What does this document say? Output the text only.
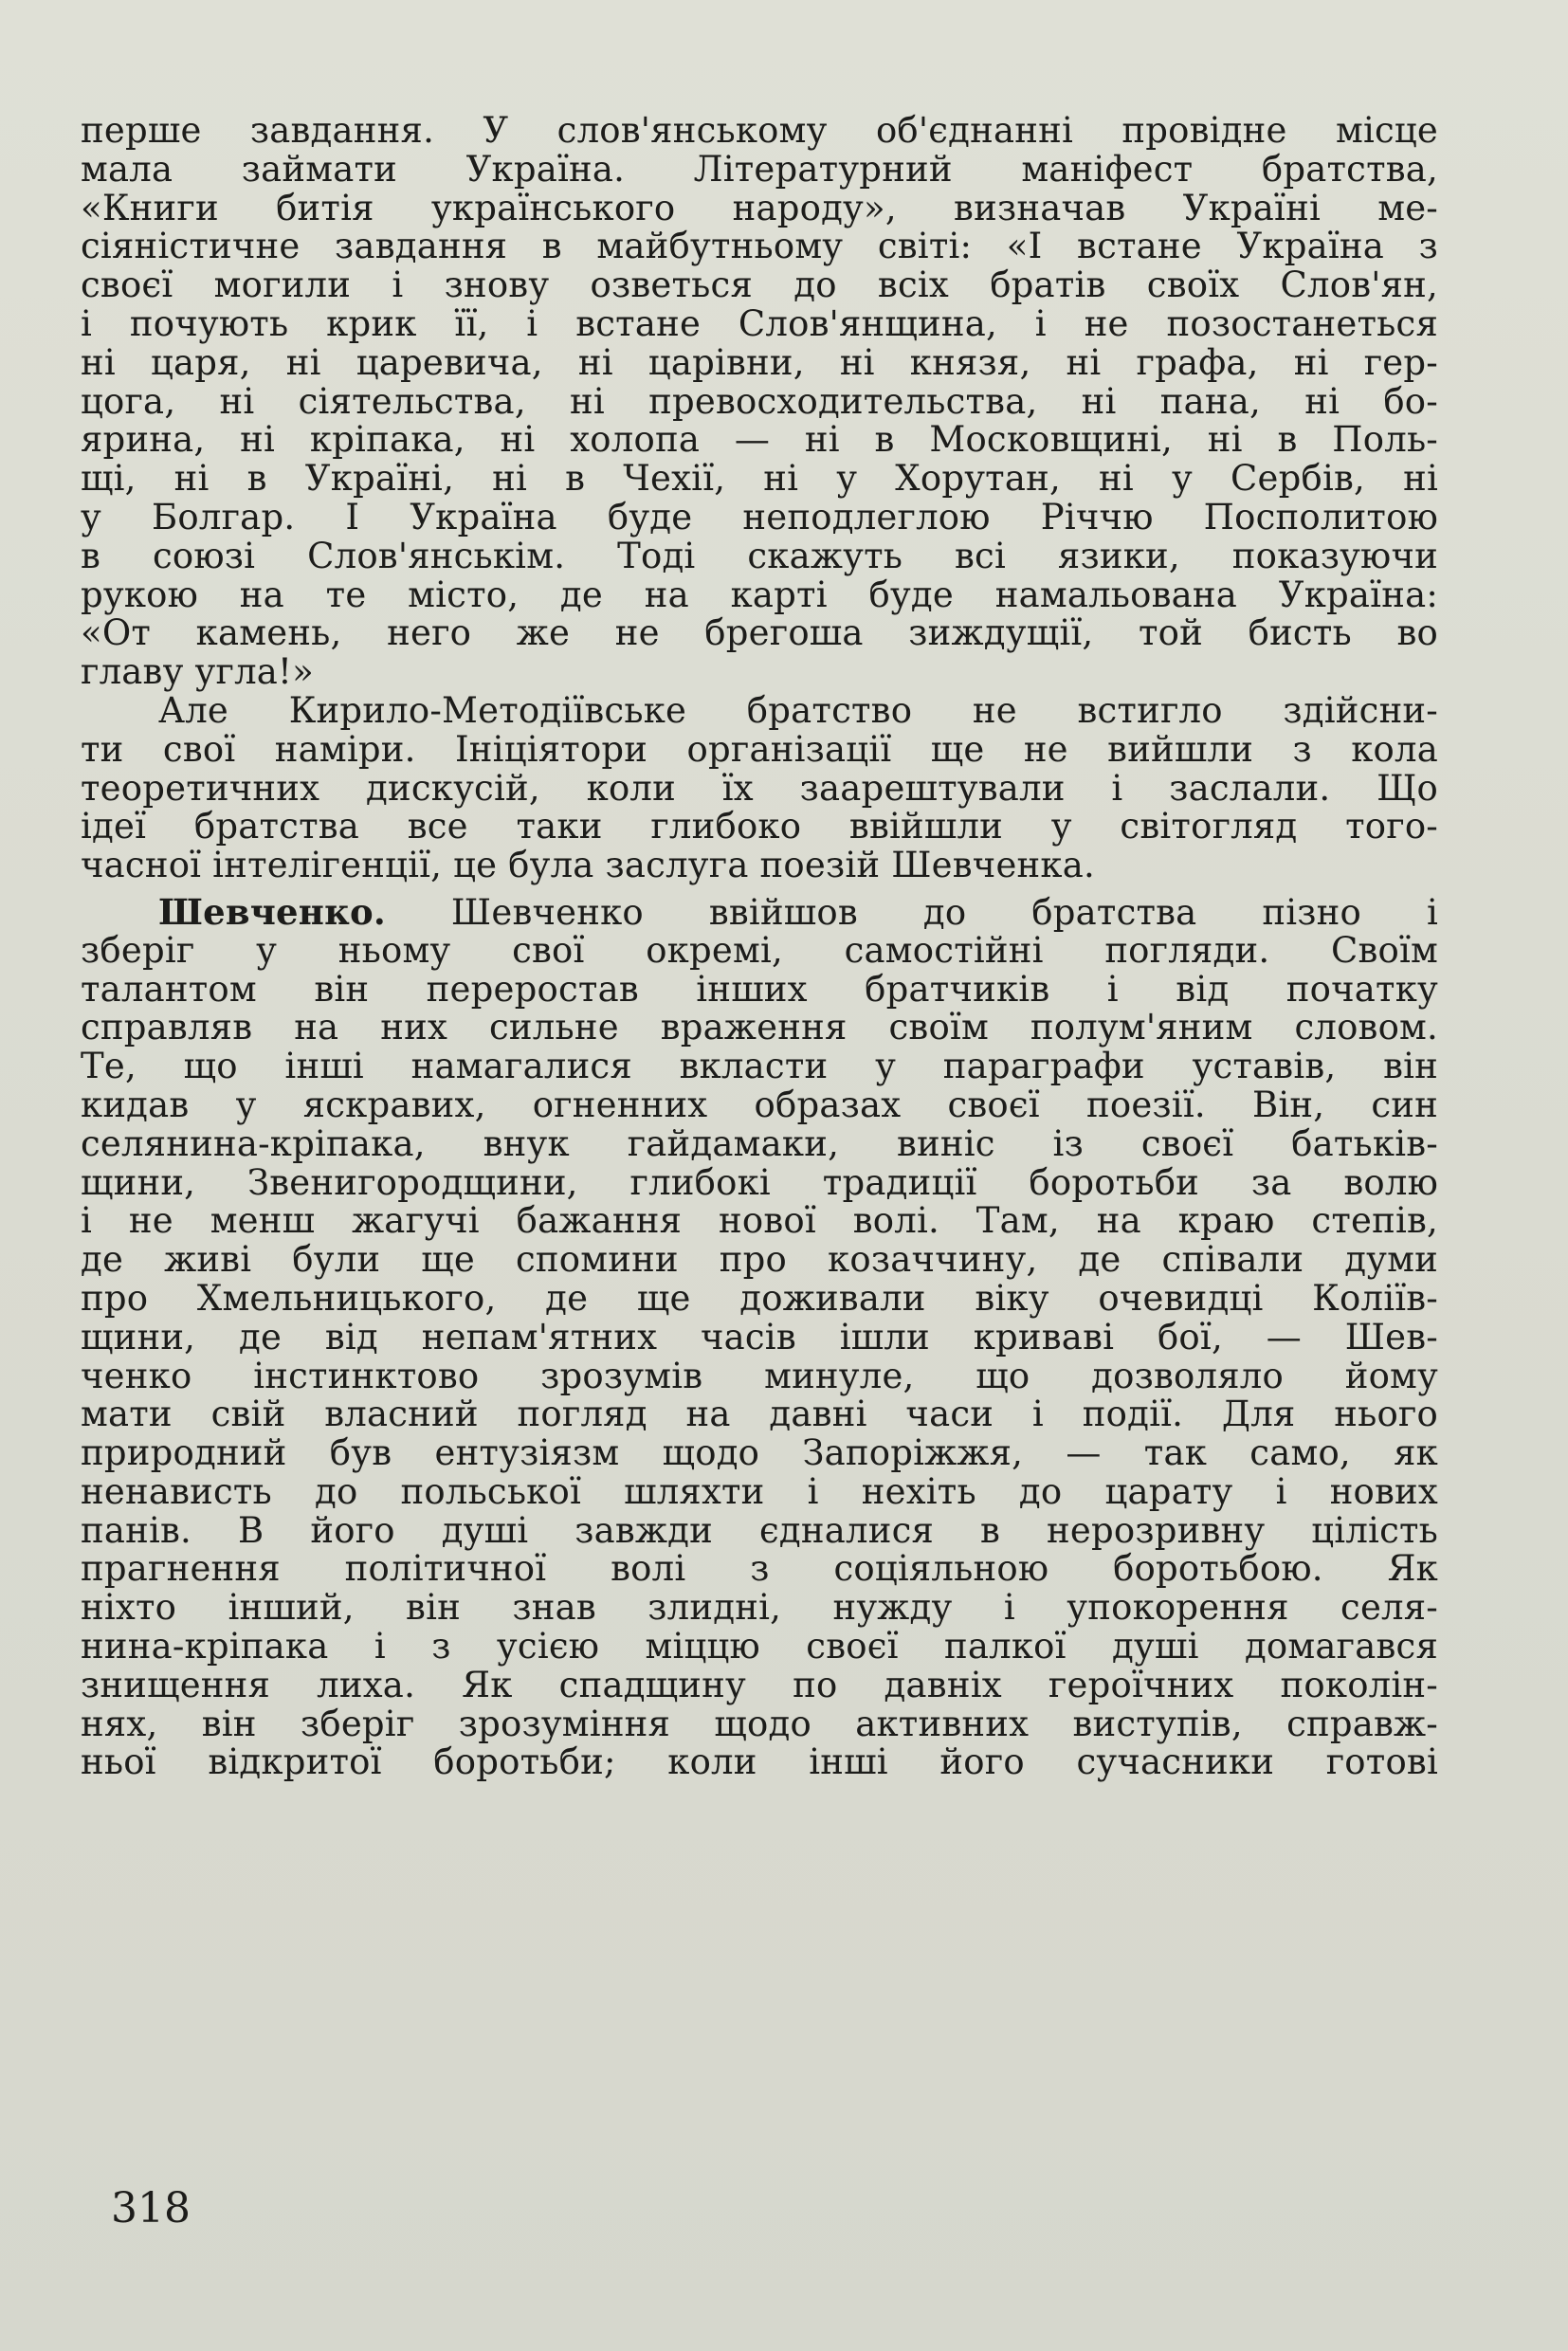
перше завдання. У слов'янському об'єднанні провідне місце
мала займати Україна. Літературний маніфест братства,
«Книги битія українського народу», визначав Україні ме-
сіяністичне завдання в майбутньому світі: «І встане Україна з
своєї могили і знову озветься до всіх братів своїх Слов'ян,
і почують крик її, і встане Слов'янщина, і не позостанеться
ні царя, ні царевича, ні царівни, ні князя, ні графа, ні гер-
цога, ні сіятельства, ні превосходительства, ні пана, ні бо-
ярина, ні кріпака, ні холопа — ні в Московщині, ні в Поль-
щі, ні в Україні, ні в Чехії, ні у Хорутан, ні у Сербів, ні
у Болгар. І Україна буде неподлеглою Річчю Посполитою
в союзі Слов'янськім. Тоді скажуть всі язики, показуючи
рукою на те місто, де на карті буде намальована Україна:
«От камень, него же не брегоша зиждущії, той бисть во
главу угла!»
Але Кирило-Методіївське братство не встигло здійсни-
ти свої наміри. Ініціятори організації ще не вийшли з кола
теоретичних дискусій, коли їх заарештували і заслали. Що
ідеї братства все таки глибоко ввійшли у світогляд того-
часної інтелігенції, це була заслуга поезій Шевченка.
Шевченко. Шевченко ввійшов до братства пізно і
зберіг у ньому свої окремі, самостійні погляди. Своїм
талантом він переростав інших братчиків і від початку
справляв на них сильне враження своїм полум'яним словом.
Те, що інші намагалися вкласти у параграфи уставів, він
кидав у яскравих, огненних образах своєї поезії. Він, син
селянина-кріпака, внук гайдамаки, виніс із своєї батьків-
щини, Звенигородщини, глибокі традиції боротьби за волю
і не менш жагучі бажання нової волі. Там, на краю степів,
де живі були ще спомини про козаччину, де співали думи
про Хмельницького, де ще доживали віку очевидці Коліїв-
щини, де від непам'ятних часів ішли криваві бої, — Шев-
ченко інстинктово зрозумів минуле, що дозволяло йому
мати свій власний погляд на давні часи і події. Для нього
природний був ентузіязм щодо Запоріжжя, — так само, як
ненависть до польської шляхти і нехіть до царату і нових
панів. В його душі завжди єдналися в нерозривну цілість
прагнення політичної волі з соціяльною боротьбою. Як
ніхто інший, він знав злидні, нужду і упокорення селя-
нина-кріпака і з усією міццю своєї палкої душі домагався
знищення лиха. Як спадщину по давніх героїчних поколін-
нях, він зберіг зрозуміння щодо активних виступів, справж-
ньої відкритої боротьби; коли інші його сучасники готові
318
